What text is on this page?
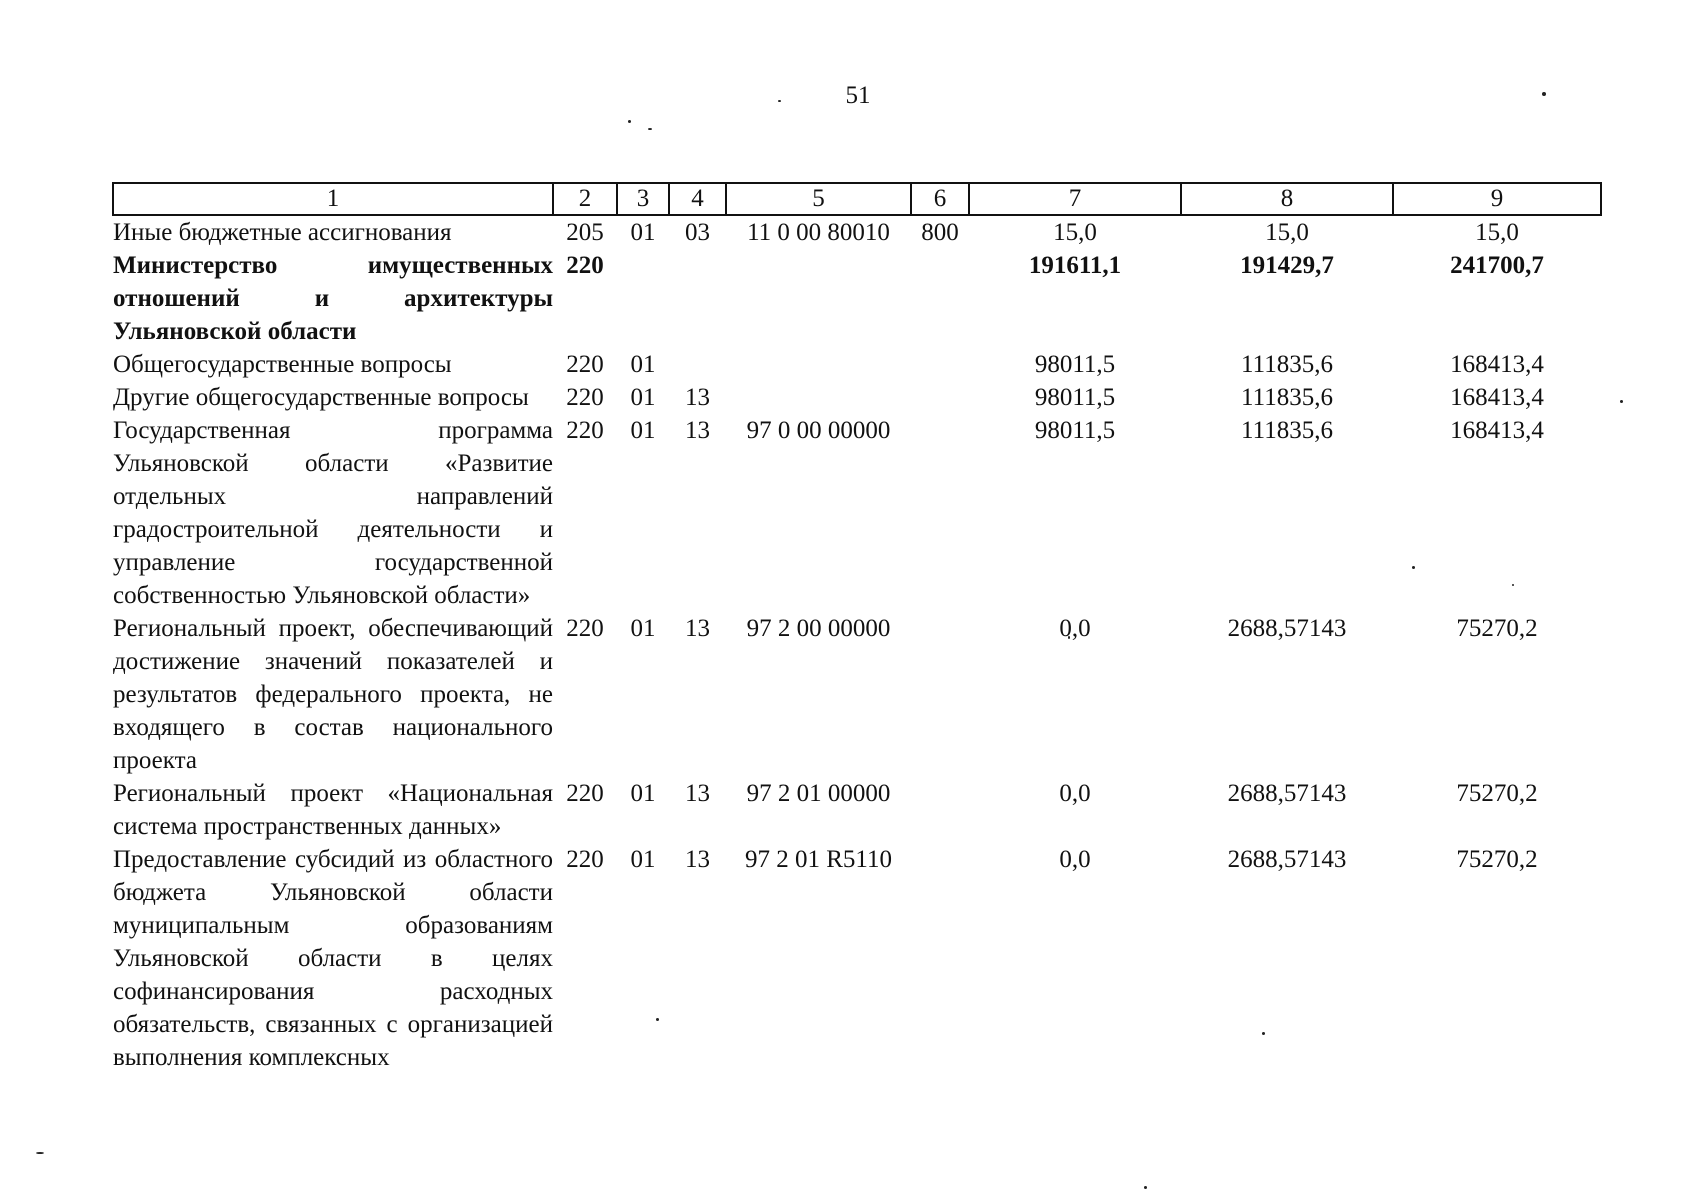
51
1	2	3	4	5	6	7	8	9
Иные бюджетные ассигнования	205	01	03	11 0 00 80010	800	15,0	15,0	15,0
Министерство имущественных отношений и архитектуры Ульяновской области	220					191611,1	191429,7	241700,7
Общегосударственные вопросы	220	01				98011,5	111835,6	168413,4
Другие общегосударственные вопросы	220	01	13			98011,5	111835,6	168413,4
Государственная программа Ульяновской области «Развитие отдельных направлений градостроительной деятельности и управление государственной собственностью Ульяновской области»	220	01	13	97 0 00 00000		98011,5	111835,6	168413,4
Региональный проект, обеспечивающий достижение значений показателей и результатов федерального проекта, не входящего в состав национального проекта	220	01	13	97 2 00 00000		0,0	2688,57143	75270,2
Региональный проект «Национальная система пространственных данных»	220	01	13	97 2 01 00000		0,0	2688,57143	75270,2
Предоставление субсидий из областного бюджета Ульяновской области муниципальным образованиям Ульяновской области в целях софинансирования расходных обязательств, связанных с организацией выполнения комплексных	220	01	13	97 2 01 R5110		0,0	2688,57143	75270,2
